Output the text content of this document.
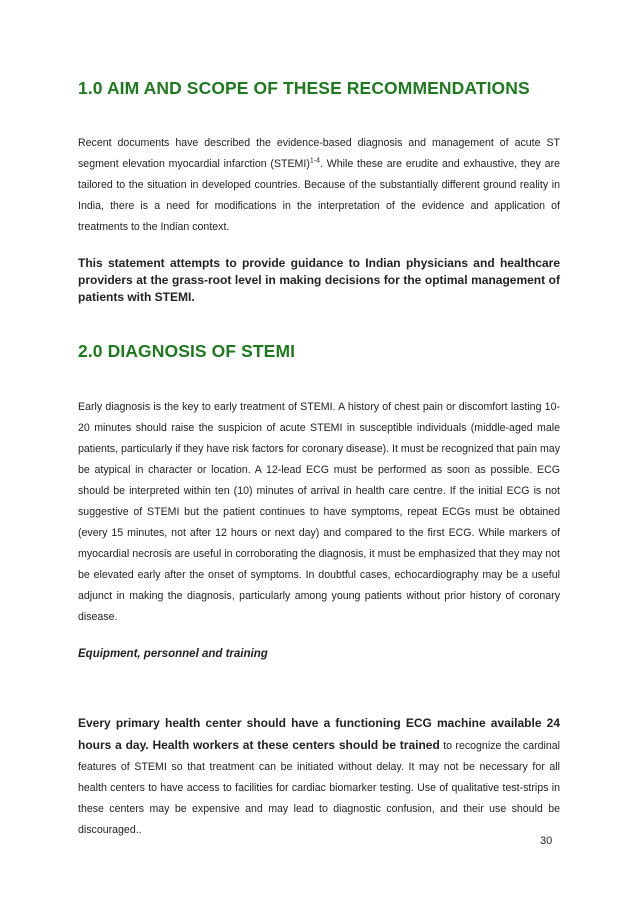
1.0 AIM AND SCOPE OF THESE RECOMMENDATIONS

Recent documents have described the evidence-based diagnosis and management of acute ST segment elevation myocardial infarction (STEMI)$^{1-4}$. While these are erudite and exhaustive, they are tailored to the situation in developed countries. Because of the substantially different ground reality in India, there is a need for modifications in the interpretation of the evidence and application of treatments to the Indian context.

This statement attempts to provide guidance to Indian physicians and healthcare providers at the grass-root level in making decisions for the optimal management of patients with STEMI.

2.0 DIAGNOSIS OF STEMI

Early diagnosis is the key to early treatment of STEMI. A history of chest pain or discomfort lasting 10-20 minutes should raise the suspicion of acute STEMI in susceptible individuals (middle-aged male patients, particularly if they have risk factors for coronary disease). It must be recognized that pain may be atypical in character or location. A 12-lead ECG must be performed as soon as possible. ECG should be interpreted within ten (10) minutes of arrival in health care centre. If the initial ECG is not suggestive of STEMI but the patient continues to have symptoms, repeat ECGs must be obtained (every 15 minutes, not after 12 hours or next day) and compared to the first ECG. While markers of myocardial necrosis are useful in corroborating the diagnosis, it must be emphasized that they may not be elevated early after the onset of symptoms. In doubtful cases, echocardiography may be a useful adjunct in making the diagnosis, particularly among young patients without prior history of coronary disease.

Equipment, personnel and training

Every primary health center should have a functioning ECG machine available 24 hours a day. Health workers at these centers should be trained to recognize the cardinal features of STEMI so that treatment can be initiated without delay. It may not be necessary for all health centers to have access to facilities for cardiac biomarker testing. Use of qualitative test-strips in these centers may be expensive and may lead to diagnostic confusion, and their use should be discouraged..

30
